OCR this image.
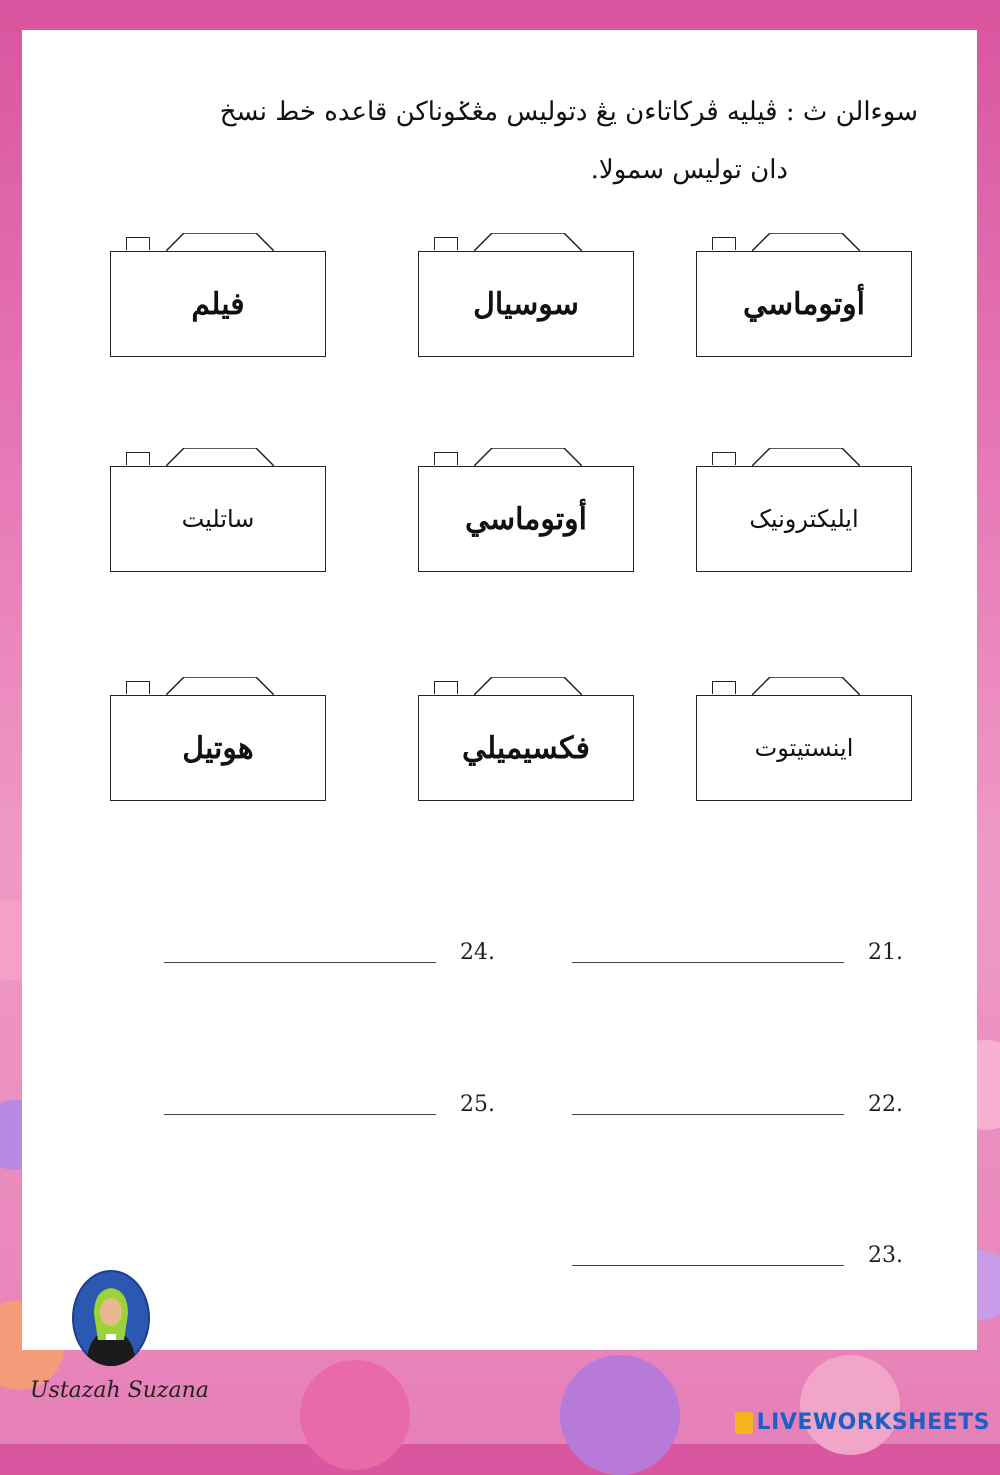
سوءالن ث : ڤيليه ڤركاتاءن يڠ دتوليس مڠݢوناکن قاعده خط نسخ
دان توليس سمولا.
فيلم	سوسيال	أوتوماسي
ساتليت	أوتوماسي	ايليكترونيک
هوتيل	فکسيميلي	اينستيتوت
21.
22.
23.
24.
25.
Ustazah Suzana
LIVEWORKSHEETS
